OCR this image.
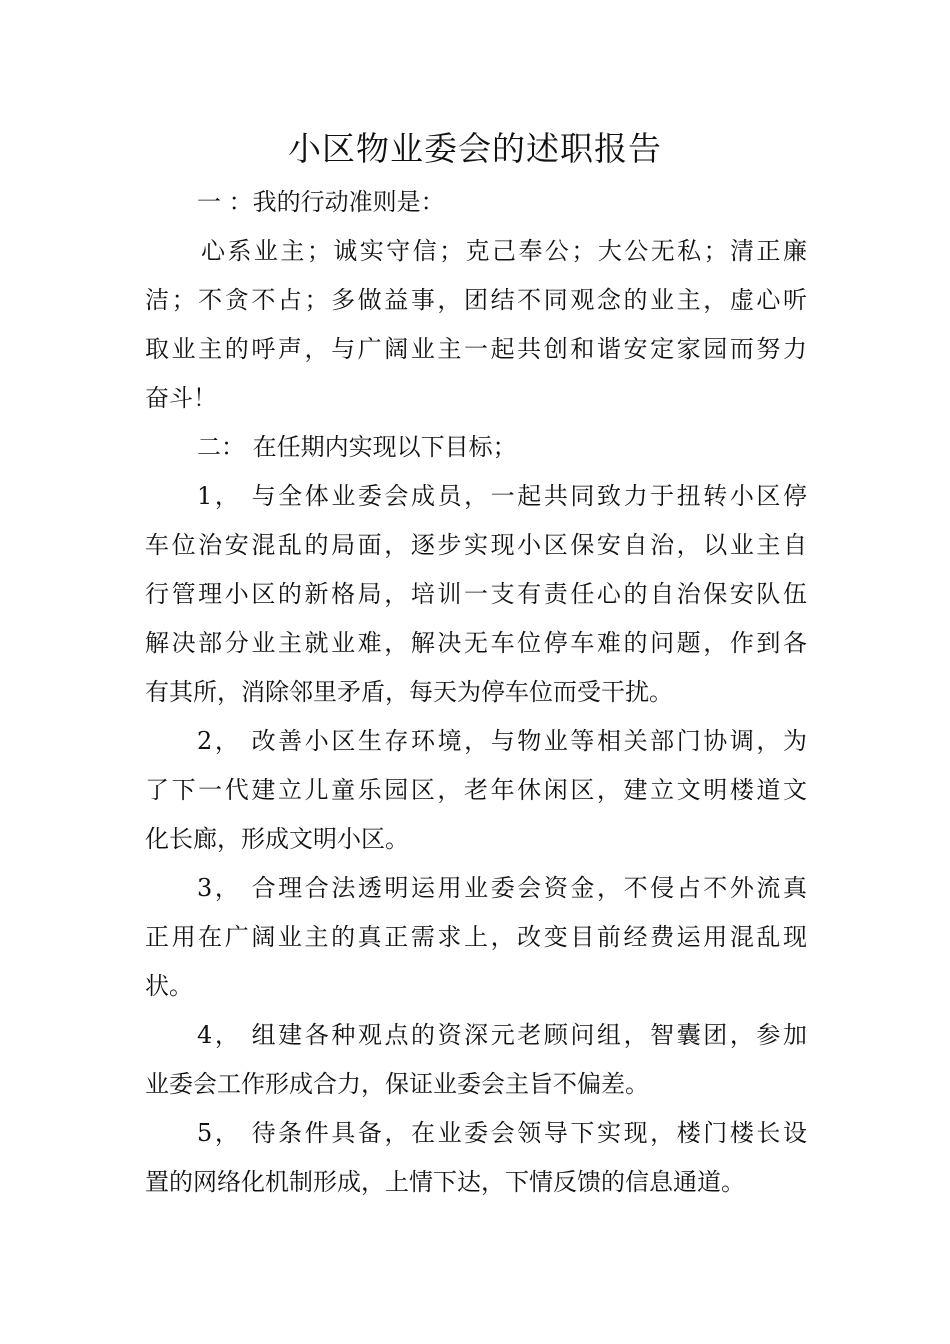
小区物业委会的述职报告
一 ：我的行动准则是：
心系业主；诚实守信；克己奉公；大公无私；清正廉
洁；不贪不占；多做益事，团结不同观念的业主，虚心听
取业主的呼声，与广阔业主一起共创和谐安定家园而努力
奋斗！
二： 在任期内实现以下目标；
1， 与全体业委会成员，一起共同致力于扭转小区停
车位治安混乱的局面，逐步实现小区保安自治，以业主自
行管理小区的新格局，培训一支有责任心的自治保安队伍
解决部分业主就业难，解决无车位停车难的问题，作到各
有其所，消除邻里矛盾，每天为停车位而受干扰。
2， 改善小区生存环境，与物业等相关部门协调，为
了下一代建立儿童乐园区，老年休闲区，建立文明楼道文
化长廊，形成文明小区。
3， 合理合法透明运用业委会资金，不侵占不外流真
正用在广阔业主的真正需求上，改变目前经费运用混乱现
状。
4， 组建各种观点的资深元老顾问组，智囊团，参加
业委会工作形成合力，保证业委会主旨不偏差。
5， 待条件具备，在业委会领导下实现，楼门楼长设
置的网络化机制形成，上情下达，下情反馈的信息通道。
